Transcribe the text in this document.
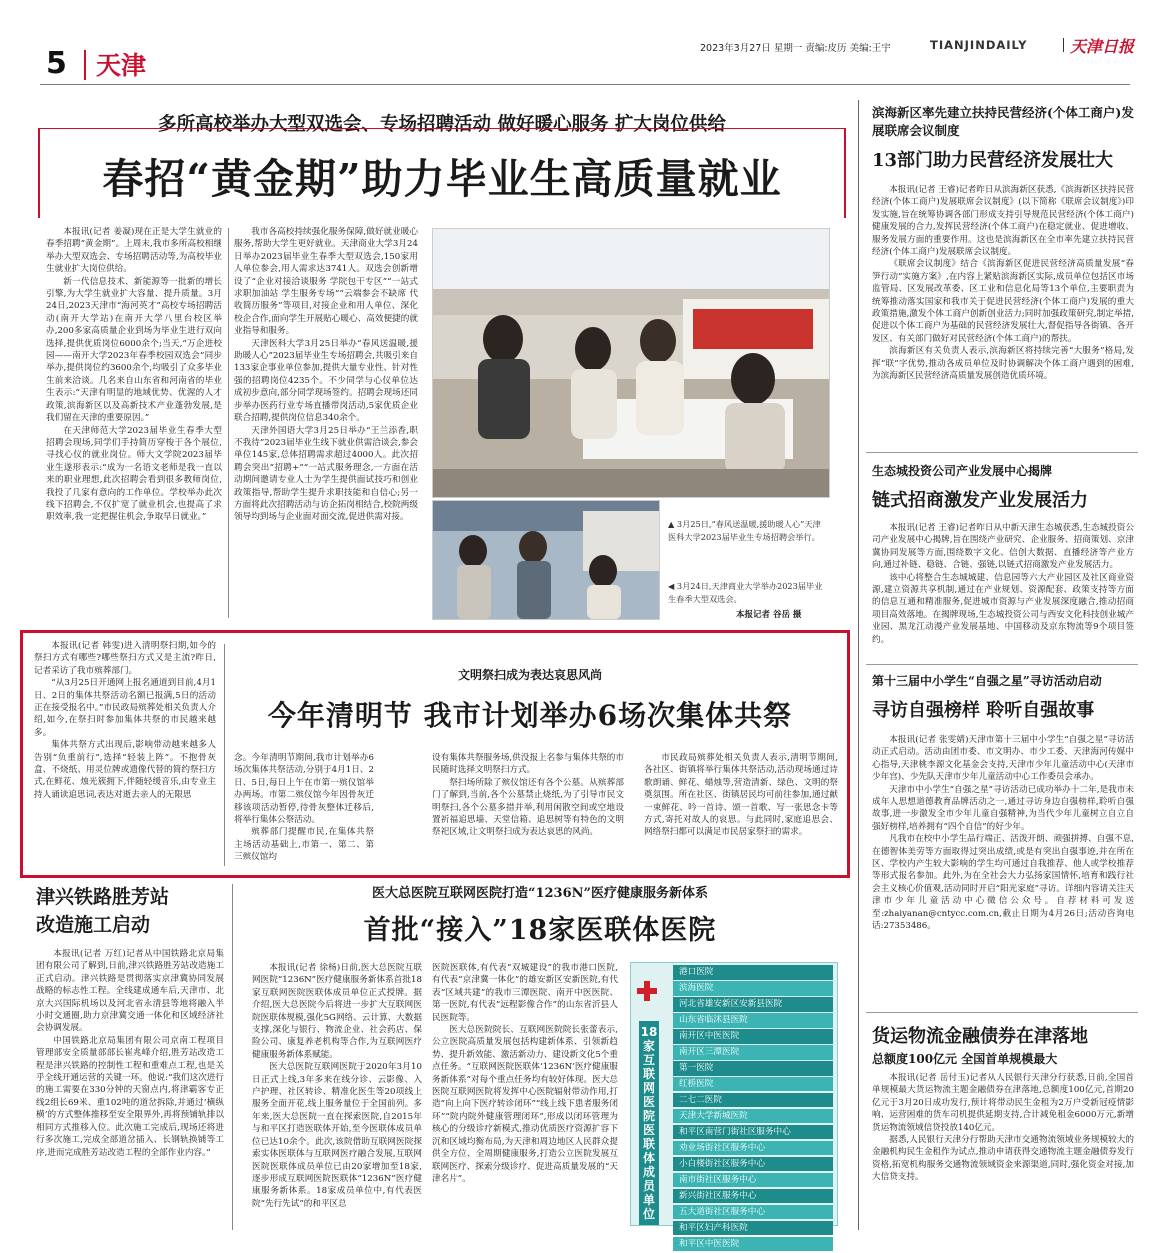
5 天津
2023年3月27日 星期一 责编:皮历 美编:王宇	TIANJINDAILY	天津日报
多所高校举办大型双选会、专场招聘活动 做好暖心服务 扩大岗位供给
春招“黄金期”助力毕业生高质量就业

本报讯(记者 姜凝)现在正是大学生就业的春季招聘“黄金期”。上周末,我市多所高校相继举办大型双选会、专场招聘活动等,为高校毕业生就业扩大岗位供给。

新一代信息技术、新能源等一批新的增长引擎,为大学生就业扩大容量、提升质量。3月24日,2023天津市“海河英才”高校专场招聘活动(南开大学站)在南开大学八里台校区举办,200多家高质量企业到场为毕业生进行双向选择,提供优质岗位6000余个;当天,“万企进校园——南开大学2023年春季校园双选会”同步举办,提供岗位约3600余个,均吸引了众多毕业生前来洽谈。几名来自山东省和河南省的毕业生表示:“天津有明显的地域优势、优渥的人才政策,滨海新区以及高新技术产业蓬勃发展,是我们留在天津的重要原因。”

在天津师范大学2023届毕业生春季大型招聘会现场,同学们手持简历穿梭于各个展位,寻找心仪的就业岗位。师大文学院2023届毕业生遂形表示:“成为一名语文老师是我一直以来的职业理想,此次招聘会看到很多教师岗位,我投了几家有意向的工作单位。学校举办此次线下招聘会,不仅扩宽了就业机会,也提高了求职效率,我一定把握住机会,争取早日就业。”

我市各高校持续强化服务保障,做好就业暖心服务,帮助大学生更好就业。天津商业大学3月24日举办2023届毕业生春季大型双选会,150家用人单位参会,用人需求达3741人。双选会创新增设了“企业对接洽谈服务 学院包干专区”“一站式求职加油站 学生服务专场”“云端参会不缺席 代收简历服务”等项目,对接企业和用人单位、深化校企合作,面向学生开展贴心暖心、高效便捷的就业指导和服务。

天津医科大学3月25日举办“春风送温暖,援助暖人心”2023届毕业生专场招聘会,共吸引来自133家企事业单位参加,提供大量专业性、针对性强的招聘岗位4235个。不少同学与心仪单位达成初步意向,部分同学现场签约。招聘会现场还同步举办医药行业专场直播带岗活动,5家优质企业联合招聘,提供岗位信息340余个。

天津外国语大学3月25日举办“王兰添香,职不我待”2023届毕业生线下就业供需洽谈会,参会单位145家,总体招聘需求超过4000人。此次招聘会突出“招聘+”“一站式服务理念,一方面在活动期间邀请专业人士为学生提供面试技巧和创业政策指导,帮助学生提升求职技能和自信心;另一方面将此次招聘活动与访企拓岗相结合,校院两级领导均到场与企业面对面交流,促进供需对接。

▲ 3月25日,“春风送温暖,援助暖人心”天津医科大学2023届毕业生专场招聘会举行。
◀ 3月24日,天津商业大学举办2023届毕业生春季大型双选会。
本报记者 谷岳 摄

本报讯(记者 韩雯)进入清明祭扫期,如今的祭扫方式有哪些?哪些祭扫方式又是主流?昨日,记者采访了我市殡葬部门。

“从3月25日开通网上报名通道到目前,4月1日、2日的集体共祭活动名额已报满,5日的活动正在接受报名中。”市民政局殡葬处相关负责人介绍,如今,在祭扫时参加集体共祭的市民越来越多。

集体共祭方式出现后,影响带动越来越多人告别“负重前行”,选择“轻装上阵”。不抱骨灰盒、不烧纸、用灵位牌或遗像代替的简约祭扫方式,在鲜花、烛光簇拥下,伴随轻缓音乐,由专业主持人诵读追思词,表达对逝去亲人的无限思

文明祭扫成为表达哀思风尚
今年清明节 我市计划举办6场次集体共祭

念。今年清明节期间,我市计划举办6场次集体共祭活动,分别于4月1日、2日、5日,每日上午在市第一殡仪馆举办两场。市第二殡仪馆今年因骨灰迁移该项活动暂停,待骨灰整体迁移后,将举行集体公祭活动。

殡葬部门提醒市民,在集体共祭主场活动基础上,市第一、第二、第三殡仪馆均

设有集体共祭服务场,供没报上名参与集体共祭的市民随时选择文明祭扫方式。

祭扫场所除了殡仪馆还有各个公墓。从殡葬部门了解到,当前,各个公墓禁止烧纸,为了引导市民文明祭扫,各个公墓多措并举,利用闲散空间或空地设置祈福追思墙、天堂信箱、追思树等有特色的文明祭祀区域,让文明祭扫成为表达哀思的风尚。

市民政局殡葬处相关负责人表示,清明节期间,各社区、街镇将举行集体共祭活动,活动现场通过诗歌朗诵、鲜花、蜡烛等,营造清新、绿色、文明的祭奠氛围。所在社区、街镇居民均可前往参加,通过献一束鲜花、吟一首诗、颂一首歌、写一张思念卡等方式,寄托对故人的哀思。与此同时,家庭追思会、网络祭扫都可以满足市民居家祭扫的需求。

津兴铁路胜芳站
改造施工启动

本报讯(记者 万红)记者从中国铁路北京局集团有限公司了解到,日前,津兴铁路胜芳站改造施工正式启动。津兴铁路是贯彻落实京津冀协同发展战略的标志性工程。全线建成通车后,天津市、北京大兴国际机场以及河北省永清县等地将融入半小时交通圈,助力京津冀交通一体化和区域经济社会协调发展。

中国铁路北京局集团有限公司京南工程项目管理部安全质量部部长崔兆峰介绍,胜芳站改造工程是津兴铁路的控制性工程和重难点工程,也是关乎全线开通运营的关键一环。他说:“我们这次进行的施工需要在330分钟的天窗点内,将津霸客专正线2组长69米、重102吨的道岔拆除,并通过‘横纵横’的方式整体推移至安全限界外,再将预铺轨排以相同方式推移入位。此次施工完成后,现场还将进行多次施工,完成全部道岔插入、长钢轨换铺等工序,进而完成胜芳站改造工程的全部作业内容。”

医大总医院互联网医院打造“1236N”医疗健康服务新体系
首批“接入”18家医联体医院

本报讯(记者 徐杨)日前,医大总医院互联网医院“1236N”医疗健康服务新体系首批18家互联网医院医联体成员单位正式授牌。据介绍,医大总医院今后将进一步扩大互联网医院医联体规模,强化5G网络、云计算、大数据支撑,深化与银行、物流企业、社会药店、保险公司、康复养老机构等合作,为互联网医疗健康服务新体系赋能。

医大总医院互联网医院于2020年3月10日正式上线,3年多来在线分诊、云影像、入户护理、社区转诊、精准化医生等20项线上服务全面开花,线上服务量位于全国前列。多年来,医大总医院一直在探索医院,自2015年与和平区打造医联体开始,至今医联体成员单位已达10余个。此次,该院借助互联网医院探索实体医联体与互联网医疗融合发展,互联网医院医联体成员单位已由20家增加至18家,逐步形成互联网医院医联体“1236N”医疗健康服务新体系。18家成员单位中,有代表医院“先行先试”的和平区总

医院医联体,有代表“双城建设”的我市港口医院,有代表“京津冀一体化”的雄安新区安新医院,有代表“区域共建”的我市三潭医院、南开中医医院、第一医院,有代表“远程影像合作”的山东省沂县人民医院等。

医大总医院院长、互联网医院院长张蕾表示,公立医院高质量发展包括构建新体系、引领新趋势、提升新效能、激活新动力、建设新文化5个重点任务。“互联网医院医联体‘1236N’医疗健康服务新体系”对每个重点任务均有较好体现。医大总医院互联网医院将发挥中心医院辐射带动作用,打造“向上向下医疗转诊闭环”“线上线下患者服务闭环”“院内院外健康管理闭环”,形成以闭环管理为核心的分级诊疗新模式,推动优质医疗资源扩容下沉和区域均衡布局,为天津和周边地区人民群众提供全方位、全周期健康服务,打造公立医院发展互联网医疗、探索分级诊疗、促进高质量发展的“天津名片”。

18家互联网医院医联体成员单位
港口医院
滨海医院
河北省雄安新区安新县医院
山东省临沭县医院
南开区中医医院
南开区三潭医院
第一医院
红桥医院
二七二医院
天津大学新城医院
和平区南营门街社区服务中心
劝业场街社区服务中心
小白楼街社区服务中心
南市街社区服务中心
新兴街社区服务中心
五大道街社区服务中心
和平区妇产科医院
和平区中医医院
滨海新区率先建立扶持民营经济(个体工商户)发展联席会议制度
13部门助力民营经济发展壮大

本报讯(记者 王睿)记者昨日从滨海新区获悉,《滨海新区扶持民营经济(个体工商户)发展联席会议制度》(以下简称《联席会议制度》)印发实施,旨在统筹协调各部门形成支持引导规范民营经济(个体工商户)健康发展的合力,发挥民营经济(个体工商户)在稳定就业、促进增收、服务发展方面的重要作用。这也是滨海新区在全市率先建立扶持民营经济(个体工商户)发展联席会议制度。

《联席会议制度》结合《滨海新区促进民营经济高质量发展“春笋行动”实施方案》,在内容上紧贴滨海新区实际,成员单位包括区市场监管局、区发展改革委、区工业和信息化局等13个单位,主要职责为统筹推动落实国家和我市关于促进民营经济(个体工商户)发展的重大政策措施,激发个体工商户创新创业活力;同时加强政策研究,制定举措,促进以个体工商户为基础的民营经济发展壮大,督促指导各街镇、各开发区、有关部门做好对民营经济(个体工商户)的帮扶。

滨海新区有关负责人表示,滨海新区将持续完善“大服务”格局,发挥“联”字优势,推动各成员单位及时协调解决个体工商户遇到的困难,为滨海新区民营经济高质量发展创造优质环境。

生态城投资公司产业发展中心揭牌
链式招商激发产业发展活力

本报讯(记者 王睿)记者昨日从中新天津生态城获悉,生态城投资公司产业发展中心揭牌,旨在围绕产业研究、企业服务、招商策划、京津冀协同发展等方面,围绕数字文化、信创大数据、直播经济等产业方向,通过补链、稳链、合链、强链,以链式招商激发产业发展活力。

该中心将整合生态城城建、信息园等六大产业园区及社区商业资源,建立资源共享机制,通过在产业规划、资源配套、政策支持等方面的信息互通和精准服务,促进城市资源与产业发展深度融合,推动招商项目高效落地。在揭牌现场,生态城投资公司与西安文化科技创业城产业园、黑龙江动漫产业发展基地、中国移动及京东物流等9个项目签约。

第十三届中小学生“自强之星”寻访活动启动
寻访自强榜样 聆听自强故事

本报讯(记者 张雯婧)天津市第十三届中小学生“自强之星”寻访活动正式启动。活动由团市委、市文明办、市少工委、天津海河传媒中心指导,天津桃李源文化基金会支持,天津市少年儿童活动中心(天津市少年宫)、少先队天津市少年儿童活动中心工作委员会承办。

天津市中小学生“自强之星”寻访活动已成功举办十二年,是我市未成年人思想道德教育品牌活动之一,通过寻访身边自强榜样,聆听自强故事,进一步激发全市少年儿童自强精神,为当代少年儿童树立自立自强好榜样,培养拥有“四个自信”的好少年。

凡我市在校中小学生品行端正、活泼开朗、顽强拼搏、自强不息,在德智体美劳等方面取得过突出成绩,或是有突出自强事迹,并在所在区、学校内产生较大影响的学生均可通过自我推荐、他人或学校推荐等形式报名参加。此外,为在全社会大力弘扬家国情怀,培育和践行社会主义核心价值观,活动同时开启“阳光家庭”寻访。详细内容请关注天津市少年儿童活动中心微信公众号。自荐材料可发送至:zhaiyanan@cntycc.com.cn,截止日期为4月26日;活动咨询电话:27353486。

货运物流金融债券在津落地
总额度100亿元 全国首单规模最大

本报讯(记者 岳付玉)记者从人民银行天津分行获悉,日前,全国首单规模最大货运物流主题金融债券在津落地,总额度100亿元,首期20亿元于3月20日成功发行,预计将带动民生金租为2万户受新冠疫情影响、运营困难的货车司机提供延期支持,合计减免租金6000万元,新增货运物流领域信贷投放140亿元。

据悉,人民银行天津分行帮助天津市交通物流领域业务规模较大的金融机构民生金租作为试点,推动申请获得交通物流主题金融债券发行资格,拓宽机构服务交通物流领域资金来源渠道,同时,强化资金对接,加大信贷支持。
